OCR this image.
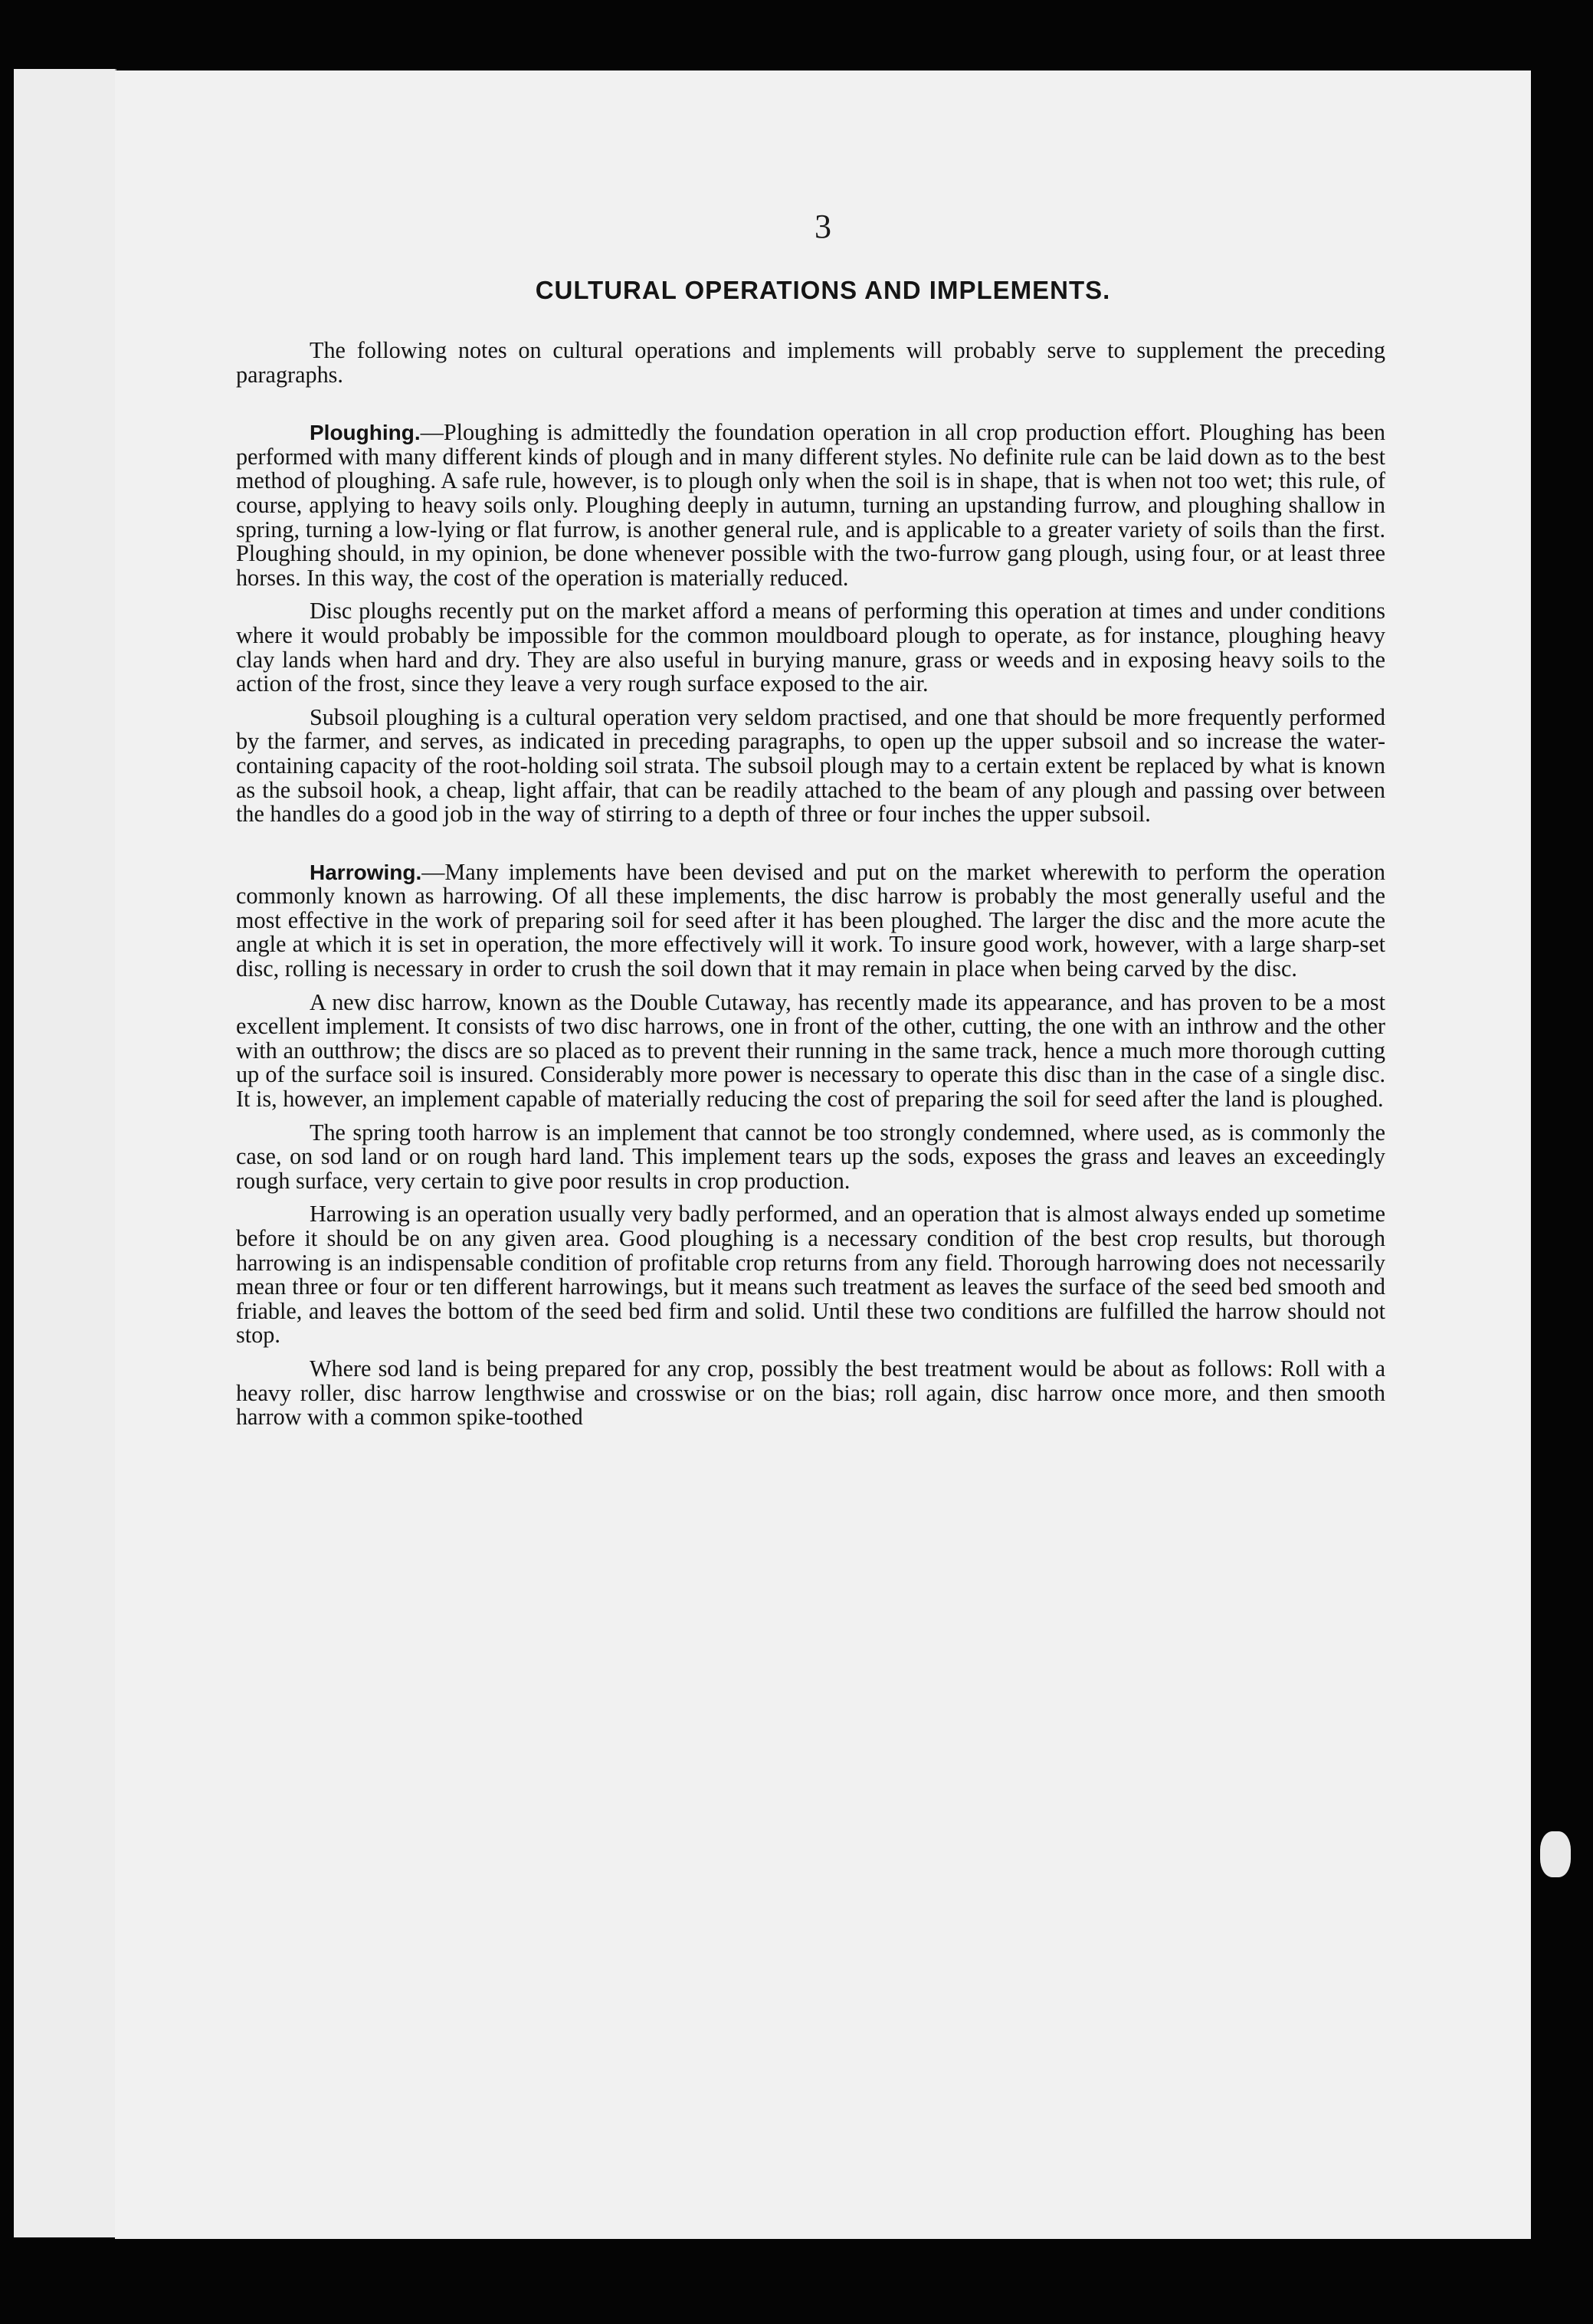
3
CULTURAL OPERATIONS AND IMPLEMENTS.

The following notes on cultural operations and implements will probably serve to supplement the preceding paragraphs.

Ploughing.—Ploughing is admittedly the foundation operation in all crop production effort. Ploughing has been performed with many different kinds of plough and in many different styles. No definite rule can be laid down as to the best method of ploughing. A safe rule, however, is to plough only when the soil is in shape, that is when not too wet; this rule, of course, applying to heavy soils only. Ploughing deeply in autumn, turning an upstanding furrow, and ploughing shallow in spring, turning a low-lying or flat furrow, is another general rule, and is applicable to a greater variety of soils than the first. Ploughing should, in my opinion, be done whenever possible with the two-furrow gang plough, using four, or at least three horses. In this way, the cost of the operation is materially reduced.

Disc ploughs recently put on the market afford a means of performing this operation at times and under conditions where it would probably be impossible for the common mouldboard plough to operate, as for instance, ploughing heavy clay lands when hard and dry. They are also useful in burying manure, grass or weeds and in exposing heavy soils to the action of the frost, since they leave a very rough surface exposed to the air.

Subsoil ploughing is a cultural operation very seldom practised, and one that should be more frequently performed by the farmer, and serves, as indicated in preceding paragraphs, to open up the upper subsoil and so increase the water-containing capacity of the root-holding soil strata. The subsoil plough may to a certain extent be replaced by what is known as the subsoil hook, a cheap, light affair, that can be readily attached to the beam of any plough and passing over between the handles do a good job in the way of stirring to a depth of three or four inches the upper subsoil.

Harrowing.—Many implements have been devised and put on the market wherewith to perform the operation commonly known as harrowing. Of all these implements, the disc harrow is probably the most generally useful and the most effective in the work of preparing soil for seed after it has been ploughed. The larger the disc and the more acute the angle at which it is set in operation, the more effectively will it work. To insure good work, however, with a large sharp-set disc, rolling is necessary in order to crush the soil down that it may remain in place when being carved by the disc.

A new disc harrow, known as the Double Cutaway, has recently made its appearance, and has proven to be a most excellent implement. It consists of two disc harrows, one in front of the other, cutting, the one with an inthrow and the other with an outthrow; the discs are so placed as to prevent their running in the same track, hence a much more thorough cutting up of the surface soil is insured. Considerably more power is necessary to operate this disc than in the case of a single disc. It is, however, an implement capable of materially reducing the cost of preparing the soil for seed after the land is ploughed.

The spring tooth harrow is an implement that cannot be too strongly condemned, where used, as is commonly the case, on sod land or on rough hard land. This implement tears up the sods, exposes the grass and leaves an exceedingly rough surface, very certain to give poor results in crop production.

Harrowing is an operation usually very badly performed, and an operation that is almost always ended up sometime before it should be on any given area. Good ploughing is a necessary condition of the best crop results, but thorough harrowing is an indispensable condition of profitable crop returns from any field. Thorough harrowing does not necessarily mean three or four or ten different harrowings, but it means such treatment as leaves the surface of the seed bed smooth and friable, and leaves the bottom of the seed bed firm and solid. Until these two conditions are fulfilled the harrow should not stop.

Where sod land is being prepared for any crop, possibly the best treatment would be about as follows: Roll with a heavy roller, disc harrow lengthwise and crosswise or on the bias; roll again, disc harrow once more, and then smooth harrow with a common spike-toothed
